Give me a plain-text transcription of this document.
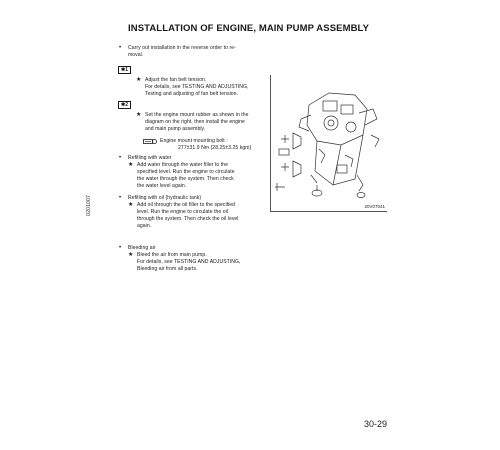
INSTALLATION OF ENGINE, MAIN PUMP ASSEMBLY
• Carry out installation in the reverse order to re-
moval.
✱1
★ Adjust the fan belt tension.
For details, see TESTING AND ADJUSTING,
Testing and adjusting of fan belt tension.
✱2
★ Set the engine mount rubber as shown in the
diagram on the right, then install the engine
and main pump assembly.
Engine mount mounting bolt :
277±31.9 Nm {28.25±3.25 kgm}
• Refilling with water
★ Add water through the water filler to the
specified level. Run the engine to circulate
the water through the system. Then check
the water level again.
• Refilling with oil (hydraulic tank)
★ Add oil through the oil filler to the specified
level. Run the engine to circulate the oil
through the system. Then check the oil level
again.
• Bleeding air
★ Bleed the air from main pump.
For details, see TESTING AND ADJUSTING,
Bleeding air from all parts.
20V07041
0201007
30-29
